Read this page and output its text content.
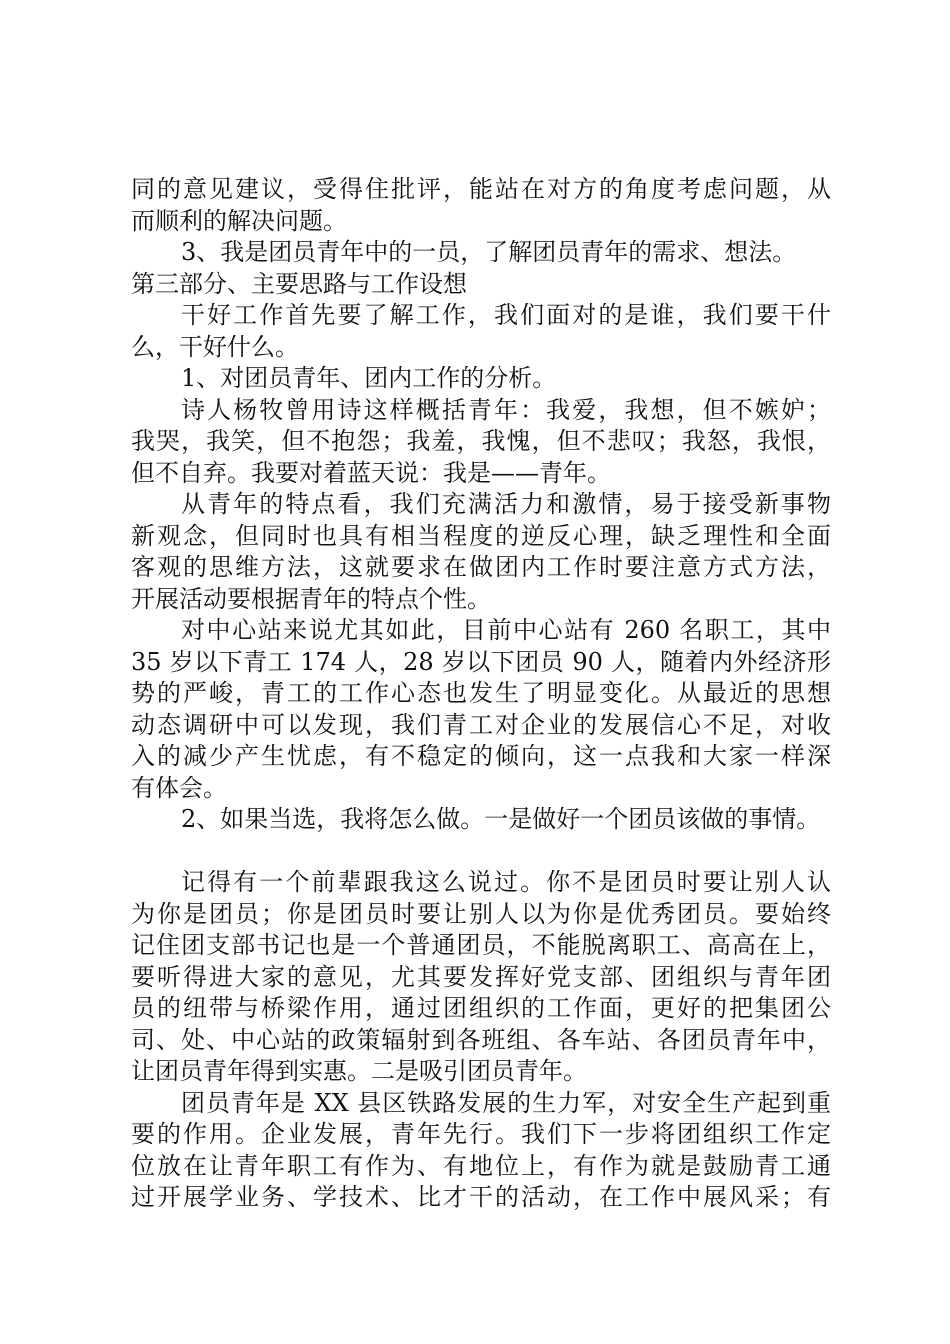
同的意见建议，受得住批评，能站在对方的角度考虑问题，从
而顺利的解决问题。
3、我是团员青年中的一员，了解团员青年的需求、想法。
第三部分、主要思路与工作设想
干好工作首先要了解工作，我们面对的是谁，我们要干什
么，干好什么。
1、对团员青年、团内工作的分析。
诗人杨牧曾用诗这样概括青年：我爱，我想，但不嫉妒；
我哭，我笑，但不抱怨；我羞，我愧，但不悲叹；我怒，我恨，
但不自弃。我要对着蓝天说：我是——青年。
从青年的特点看，我们充满活力和激情，易于接受新事物
新观念，但同时也具有相当程度的逆反心理，缺乏理性和全面
客观的思维方法，这就要求在做团内工作时要注意方式方法，
开展活动要根据青年的特点个性。
对中心站来说尤其如此，目前中心站有 260 名职工，其中
35 岁以下青工 174 人，28 岁以下团员 90 人，随着内外经济形
势的严峻，青工的工作心态也发生了明显变化。从最近的思想
动态调研中可以发现，我们青工对企业的发展信心不足，对收
入的减少产生忧虑，有不稳定的倾向，这一点我和大家一样深
有体会。
2、如果当选，我将怎么做。一是做好一个团员该做的事情。
记得有一个前辈跟我这么说过。你不是团员时要让别人认
为你是团员；你是团员时要让别人以为你是优秀团员。要始终
记住团支部书记也是一个普通团员，不能脱离职工、高高在上，
要听得进大家的意见，尤其要发挥好党支部、团组织与青年团
员的纽带与桥梁作用，通过团组织的工作面，更好的把集团公
司、处、中心站的政策辐射到各班组、各车站、各团员青年中，
让团员青年得到实惠。二是吸引团员青年。
团员青年是 XX 县区铁路发展的生力军，对安全生产起到重
要的作用。企业发展，青年先行。我们下一步将团组织工作定
位放在让青年职工有作为、有地位上，有作为就是鼓励青工通
过开展学业务、学技术、比才干的活动，在工作中展风采；有
